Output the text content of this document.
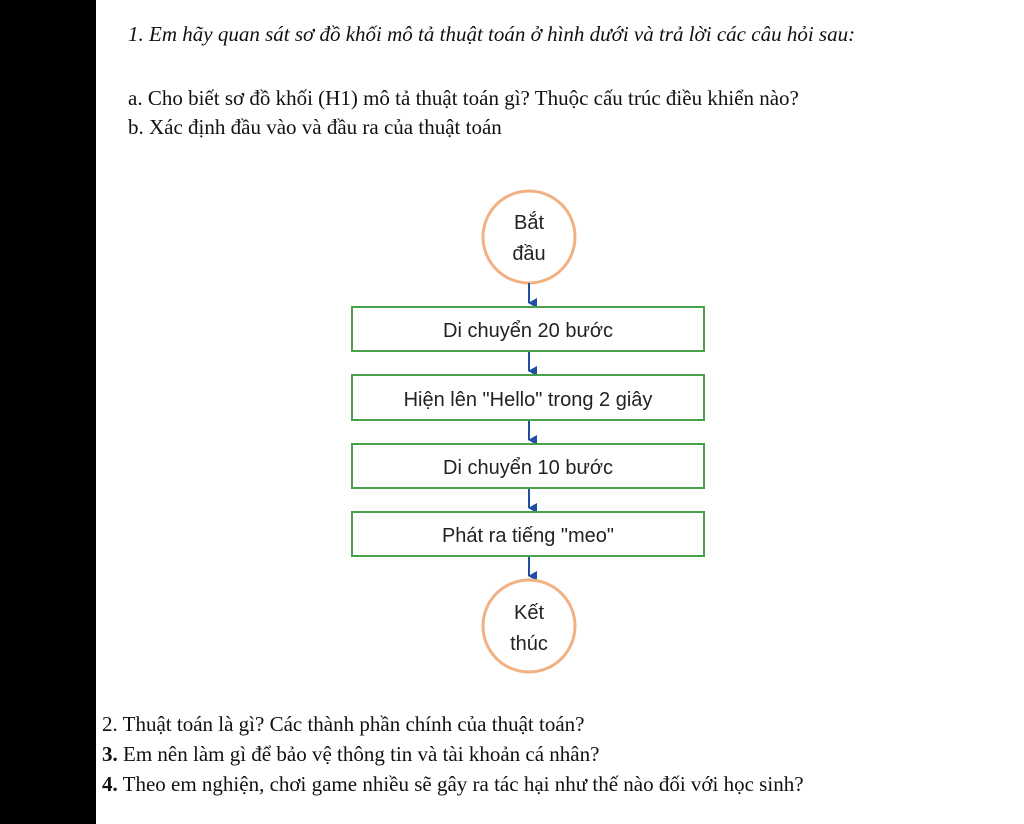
1. Em hãy quan sát sơ đồ khối mô tả thuật toán ở hình dưới và trả lời các câu hỏi sau:
a. Cho biết sơ đồ khối (H1) mô tả thuật toán gì? Thuộc cấu trúc điều khiển nào?
b. Xác định đầu vào và đầu ra của thuật toán
Bắt
đầu
Di chuyển 20 bước
Hiện lên "Hello" trong 2 giây
Di chuyển 10 bước
Phát ra tiếng "meo"
Kết
thúc
2. Thuật toán là gì? Các thành phần chính của thuật toán?
3. Em nên làm gì để bảo vệ thông tin và tài khoản cá nhân?
4. Theo em nghiện, chơi game nhiều sẽ gây ra tác hại như thế nào đối với học sinh?
